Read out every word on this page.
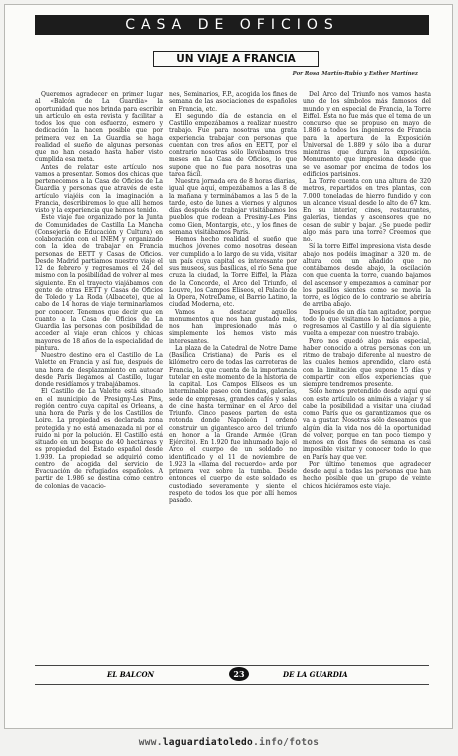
CASA DE OFICIOS
UN VIAJE A FRANCIA
Por Rosa Martín-Rubio y Esther Martínez

Queremos agradecer en primer lugar al «Balcón de La Guardia» la oportunidad que nos brinda para escribir un artículo en esta revista y facilitar a todos los que con esfuerzo, esmero y dedicación la hacen posible que por primera vez en La Guardia se haga realidad el sueño de algunas personas que no han cesado hasta haber visto cumplida esa meta.

Antes de relatar este artículo nos vamos a presentar. Somos dos chicas que pertenecemos a la Casa de Oficios de La Guardia y personas que através de este artículo viajéis con la imaginación a Francia, describiremos lo que allí hemos visto y la experiencia que hemos tenido.

Este viaje fue organizado por la Junta de Comunidades de Castilla La Mancha (Consejería de Educación y Cultura) en colaboración con el INEM y organizado con la idea de trabajar en Francia personas de EETT y Casas de Oficios. Desde Madrid partiamos nuestro viaje el 12 de febrero y regresamos el 24 del mismo con la posibilidad de volver al mes siguiente. En el trayecto viajábamos con gente de otras EETT y Casas de Oficios de Toledo y La Roda (Albacete), que al cabo de 14 horas de viaje terminaríamos por conocer. Tenemos que decir que en cuanto a la Casa de Oficios de La Guardia las personas con posibilidad de acceder al viaje eran chicos y chicas mayores de 18 años de la especialidad de pintura.

Nuestro destino era el Castillo de La Valette en Francia y así fue, después de una hora de desplazamiento en autocar desde París llegamos al Castillo, lugar donde residíamos y trabajábamos.

El Castillo de La Valette está situado en el municipio de Presigny-Les Pins, región centro cuya capital es Orleans, a una hora de París y de los Castillos de Loire. La propiedad es declarada zona protegida y no está amenazada ni por el ruido ni por la polución. El Castillo está situado en un bosque de 40 hectáreas y es propiedad del Estado español desde 1.939. La propiedad se adquirió como centro de acogida del servicio de Evacuación de refugiados españoles. A partir de 1.986 se destina como centro de colonias de vacacio-

nes, Seminarios, F.P., acogida los fines de semana de las asociaciones de españoles en Francia, etc.

El segundo día de estancia en el Castillo empezábamos a realizar nuestro trabajo. Fue para nosotras una grata experiencia trabajar con personas que cuentan con tres años en EETT, por el contrario nosotras sólo llevábamos tres meses en La Casa de Oficios, lo que supone que no fue para nosotras una tarea fácil.

Nuestra jornada era de 8 horas diarias, igual que aquí, empezábamos a las 8 de la mañana y terminábamos a las 5 de la tarde, esto de lunes a viernes y algunos días después de trabajar visitábamos los pueblos que rodean a Presiny-Les Pins como Gien, Montargis, etc., y los fines de semana visitábamos París.

Hemos hecho realidad el sueño que muchos jóvenes como nosotras desean ver cumplido a lo largo de su vida, visitar un país cuya capital es interesante por sus museos, sus basílicas, el río Sena que cruza la ciudad, la Torre Eiffel, la Plaza de la Concorde, el Arco del Triunfo, el Louvre, los Campos Eliseos, el Palacio de la Opera, NotreDame, el Barrio Latino, la ciudad Moderna, etc.

Vamos a destacar aquellos monumentos que nos han gustado más, nos han impresionado más o simplemente los hemos visto más interesantes.

La plaza de la Catedral de Notre Dame (Basílica Cristiana) de París es el kilómetro cero de todas las carreteras de Francia, la que cuenta de la importancia tutelar en este momento de la historia de la capital. Los Campos Elíseos es un interminable paseo con tiendas, galerías, sede de empresas, grandes cafés y salas de cine hasta terminar en el Arco del Triunfo. Cinco paseos parten de esta rotonda donde Napoleón I ordenó construir un gigantesco arco del triunfo en honor a la Grande Armée (Gran Ejército). En 1.920 fue inhumado bajo el Arco el cuerpo de un soldado no identificado y el 11 de noviembre de 1.923 la «llama del recuerdo» arde por primera vez sobre la tumba. Desde entonces el cuerpo de este soldado es custodiado severamente y siente el respeto de todos los que por allí hemos pasado.

Del Arco del Triunfo nos vamos hasta uno de los símbolos más famosos del mundo y en especial de Francia, la Torre Eiffel. Esta no fue más que el tema de un concurso que se propuso en mayo de 1.886 a todos los ingenieros de Francia para la apertura de la Exposición Universal de 1.889 y sólo iba a durar mientras que durara la exposición. Monumento que impresiona desde que se ve asomar por encima de todos los edificios parisinos.

La Torre cuenta con una altura de 320 metros, repartidos en tres plantas, con 7.000 toneladas de hierro fundido y con un alcance visual desde lo alto de 67 km. En su interior, cines, restaurantes, galerías, tiendas y ascensores que no cesan de subir y bajar. ¿Se puede pedir algo más para una torre? Creemos que no.

Sí la torre Eiffel impresiona vista desde abajo nos podéis imaginar a 320 m. de altura con un añadido que no contábamos desde abajo, la oscilación con que cuenta la torre, cuando bajamos del ascensor y empezamos a caminar por los pasillos sientes como se movía la torre, es lógico de lo contrario se abriría de arriba abajo.

Después de un día tan agitador, porque todo lo que visitamos lo hacíamos a pie, regresamos al Castillo y al día siguiente vuelta a empezar con nuestro trabajo.

Pero nos quedó algo más especial, haber conocido a otras personas con un ritmo de trabajo diferente al nuestro de las cuales hemos aprendido, claro está con la limitación que supone 15 días y compartir con ellos experiencias que siempre tendremos presente.

Sólo hemos pretendido desde aquí que con este artículo os animéis a viajar y sí cabe la posibilidad a visitar una ciudad como París que os garantizamos que os va a gustar. Nosotras sólo deseamos que algún día la vida nos dé la oportunidad de volver, porque en tan poco tiempo y menos en dos fines de semana es casi imposible visitar y conocer todo lo que en París hay que ver.

Por último tenemos que agradecer desde aquí a todas las personas que han hecho posible que un grupo de veinte chicos hiciéramos este viaje.

EL BALCON	23	DE LA GUARDIA
www.laguardiatoledo.info/fotos
